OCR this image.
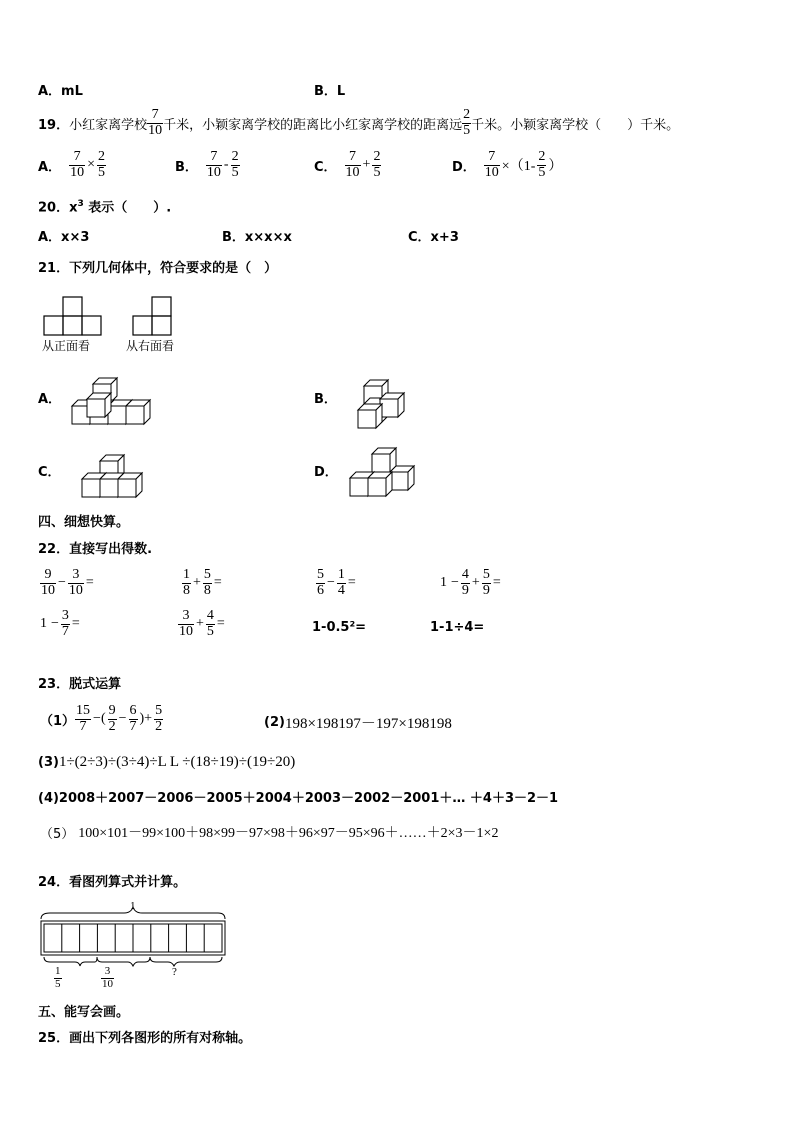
A．mL	B．L
19． 小红家离学校 $\frac{7}{10}$ 千米，小颖家离学校的距离比小红家离学校的距离远 $\frac{2}{5}$ 千米。小颖家离学校（　　）千米。
A． $\frac{7}{10} \times \frac{2}{5}$	B． $\frac{7}{10} - \frac{2}{5}$	C． $\frac{7}{10} + \frac{2}{5}$	D． $\frac{7}{10} \times(1- \frac{2}{5}$ ）
20．$x^3$ 表示（　　）.
A．x×3	B．x×x×x	C．x+3
21．下列几何体中，符合要求的是（　）
从正面看	从右面看
A．	B．
C．	D．
四、细想快算。
22．直接写出得数.
$\frac{9}{10} - \frac{3}{10}$ =	$\frac{1}{8} + \frac{5}{8}$ =	$\frac{5}{6} - \frac{1}{4}$ =	$1 - \frac{4}{9} + \frac{5}{9}$ =
$1 - \frac{3}{7}$ =	$\frac{3}{10} + \frac{4}{5}$ =	1-0.5²=	1-1÷4=
23．脱式运算
$(1) \frac{15}{7}$ −( $\frac{9}{2} - \frac{6}{7}$ )+ $\frac{5}{2}$	(2) 198×198197－197×198198
(3) 1÷(2÷3)÷(3÷4)÷L L ÷(18÷19)÷(19÷20)
(4)2008＋2007－2006－2005＋2004＋2003－2002－2001＋… ＋4＋3－2－1
（5） 100×101－99×100＋98×99－97×98＋96×97－95×96＋……＋2×3－1×2
24．看图列算式并计算。
1
$\frac{1}{5}$	$\frac{3}{10}$	?
五、能写会画。
25．画出下列各图形的所有对称轴。
